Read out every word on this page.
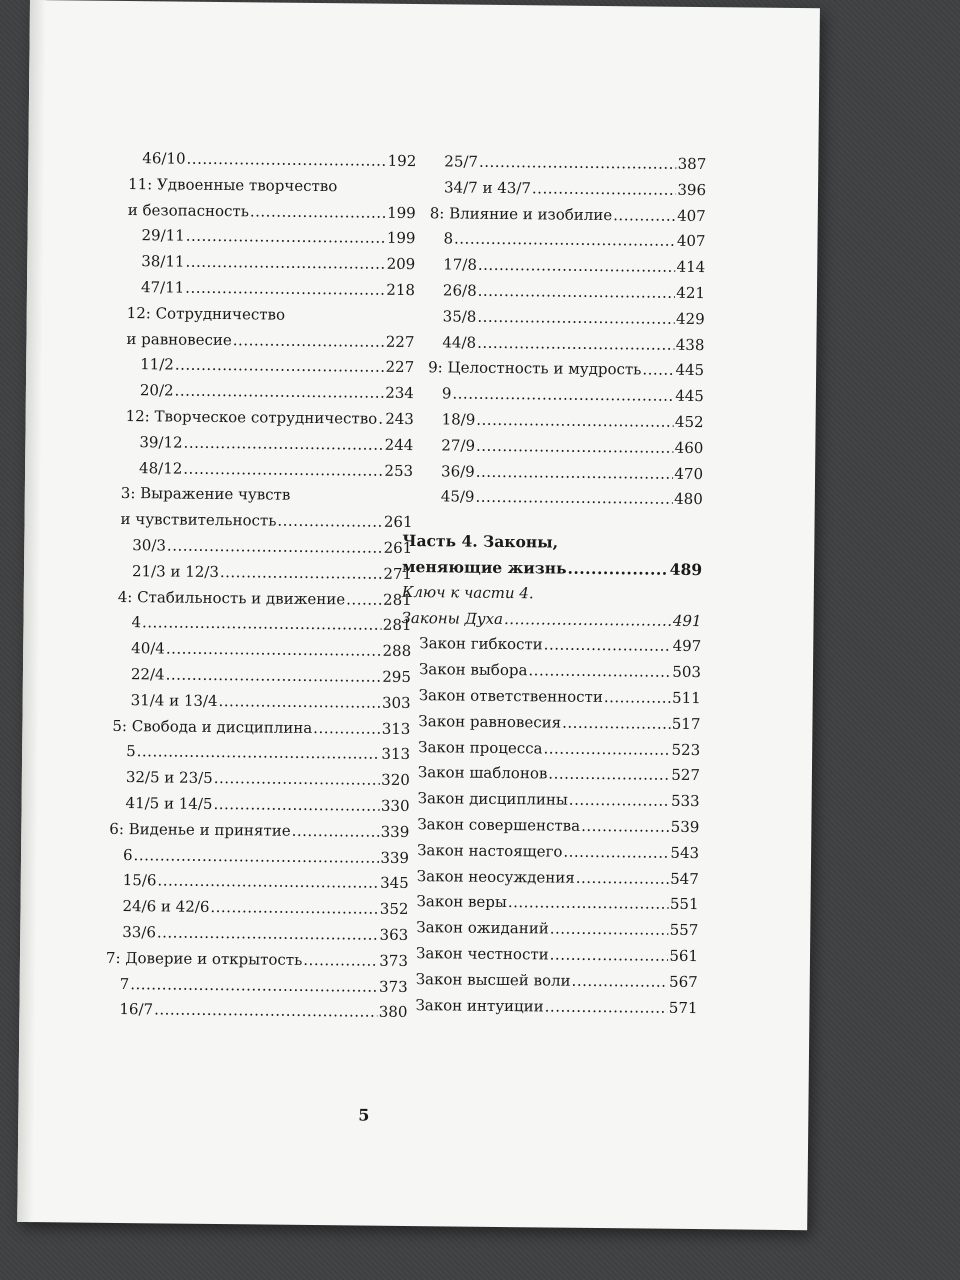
46/10 .....	192
11: Удвоенные творчество
и безопасность .....	199
29/11 .....	199
38/11 .....	209
47/11 .....	218
12: Сотрудничество
и равновесие .....	227
11/2 .....	227
20/2 .....	234
12: Творческое сотрудничество ..... 243
39/12 .....	244
48/12 .....	253
3: Выражение чувств
и чувствительность .....	261
30/3 .....	261
21/3 и 12/3 .....	271
4: Стабильность и движение .....	281
4 .....	281
40/4 .....	288
22/4 .....	295
31/4 и 13/4 .....	303
5: Свобода и дисциплина .....	313
5 .....	313
32/5 и 23/5 .....	320
41/5 и 14/5 .....	330
6: Виденье и принятие .....	339
6 .....	339
15/6 .....	345
24/6 и 42/6 .....	352
33/6 .....	363
7: Доверие и открытость .....	373
7 .....	373
16/7 .....	380
25/7 .....	387
34/7 и 43/7 .....	396
8: Влияние и изобилие .....	407
8 .....	407
17/8 .....	414
26/8 .....	421
35/8 .....	429
44/8 .....	438
9: Целостность и мудрость ..... 445
9 .....	445
18/9 .....	452
27/9 .....	460
36/9 .....	470
45/9 .....	480
Часть 4. Законы,
меняющие жизнь .....	489
Ключ к части 4.
Законы Духа .....	491
Закон гибкости .....	497
Закон выбора .....	503
Закон ответственности .....	511
Закон равновесия .....	517
Закон процесса .....	523
Закон шаблонов .....	527
Закон дисциплины .....	533
Закон совершенства .....	539
Закон настоящего .....	543
Закон неосуждения .....	547
Закон веры .....	551
Закон ожиданий .....	557
Закон честности .....	561
Закон высшей воли .....	567
Закон интуиции .....	571
5
